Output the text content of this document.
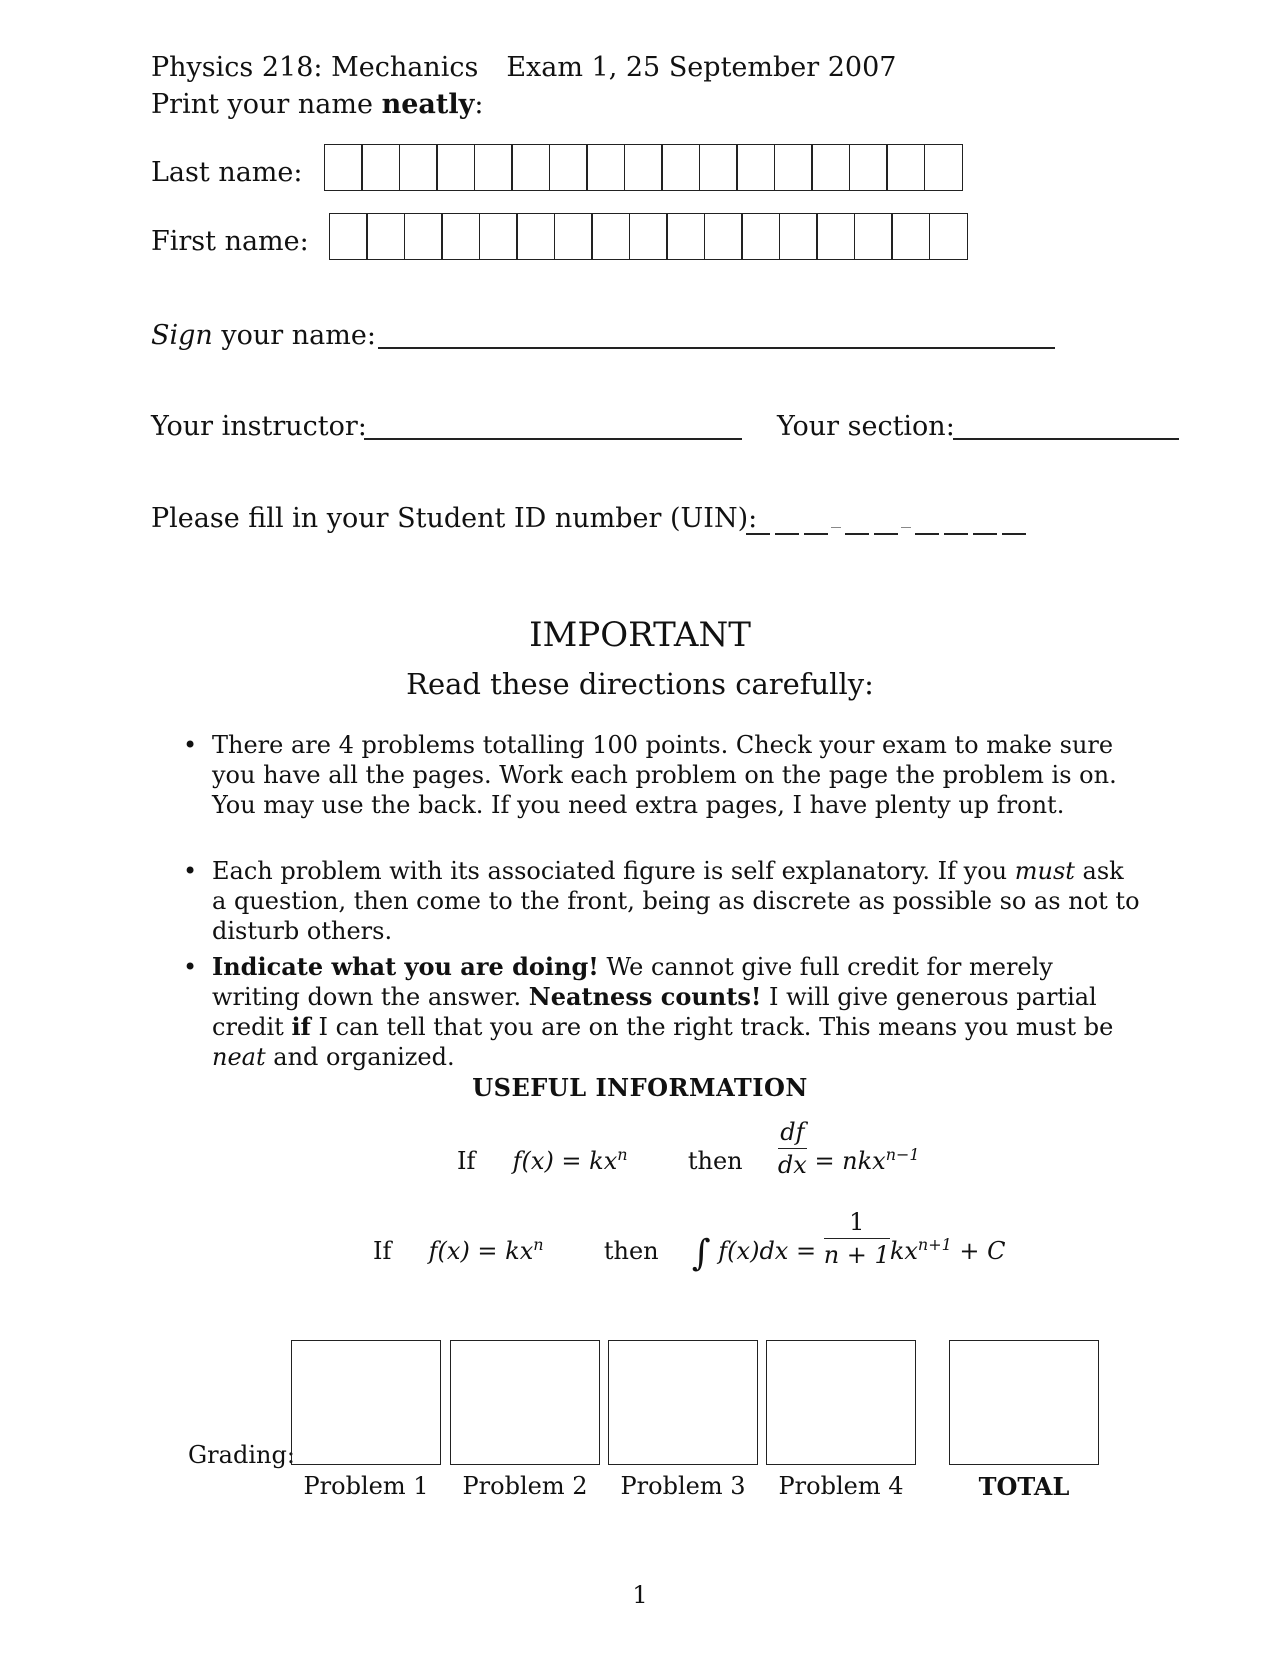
Physics 218: Mechanics Exam 1, 25 September 2007
Print your name neatly:
Last name:
First name:
Sign your name:
Your instructor:	Your section:
Please fill in your Student ID number (UIN):
IMPORTANT
Read these directions carefully:
• There are 4 problems totalling 100 points. Check your exam to make sure you have all the pages. Work each problem on the page the problem is on. You may use the back. If you need extra pages, I have plenty up front.
• Each problem with its associated figure is self explanatory. If you must ask a question, then come to the front, being as discrete as possible so as not to disturb others.
• Indicate what you are doing! We cannot give full credit for merely writing down the answer. Neatness counts! I will give generous partial credit if I can tell that you are on the right track. This means you must be neat and organized.
USEFUL INFORMATION
If $f(x) = kx^n$	then $\frac{df}{dx} = nkx^{n-1}$
If $f(x) = kx^n$	then ∫ $f(x)dx = \frac{1}{n + 1} kx^{n+1} + C$
Grading:
Problem 1	Problem 2	Problem 3	Problem 4	TOTAL
1
